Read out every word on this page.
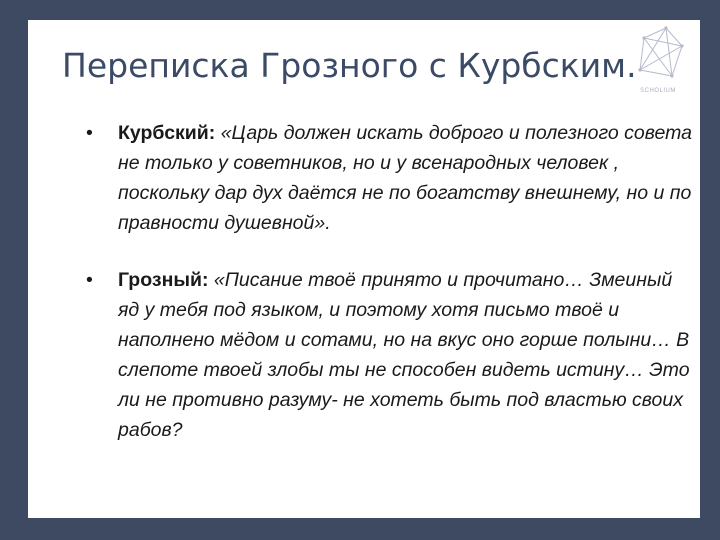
Переписка Грозного с Курбским.
SCHOLIUM
• Курбский: «Царь должен искать доброго и полезного совета не только у советников, но и у всенародных человек , поскольку дар дух даётся не по богатству внешнему, но и по правности душевной».
• Грозный: «Писание твоё принято и прочитано… Змеиный яд у тебя под языком, и поэтому хотя письмо твоё и наполнено мёдом и сотами, но на вкус оно горше полыни… В слепоте твоей злобы ты не способен видеть истину… Это ли не противно разуму- не хотеть быть под властью своих рабов?
